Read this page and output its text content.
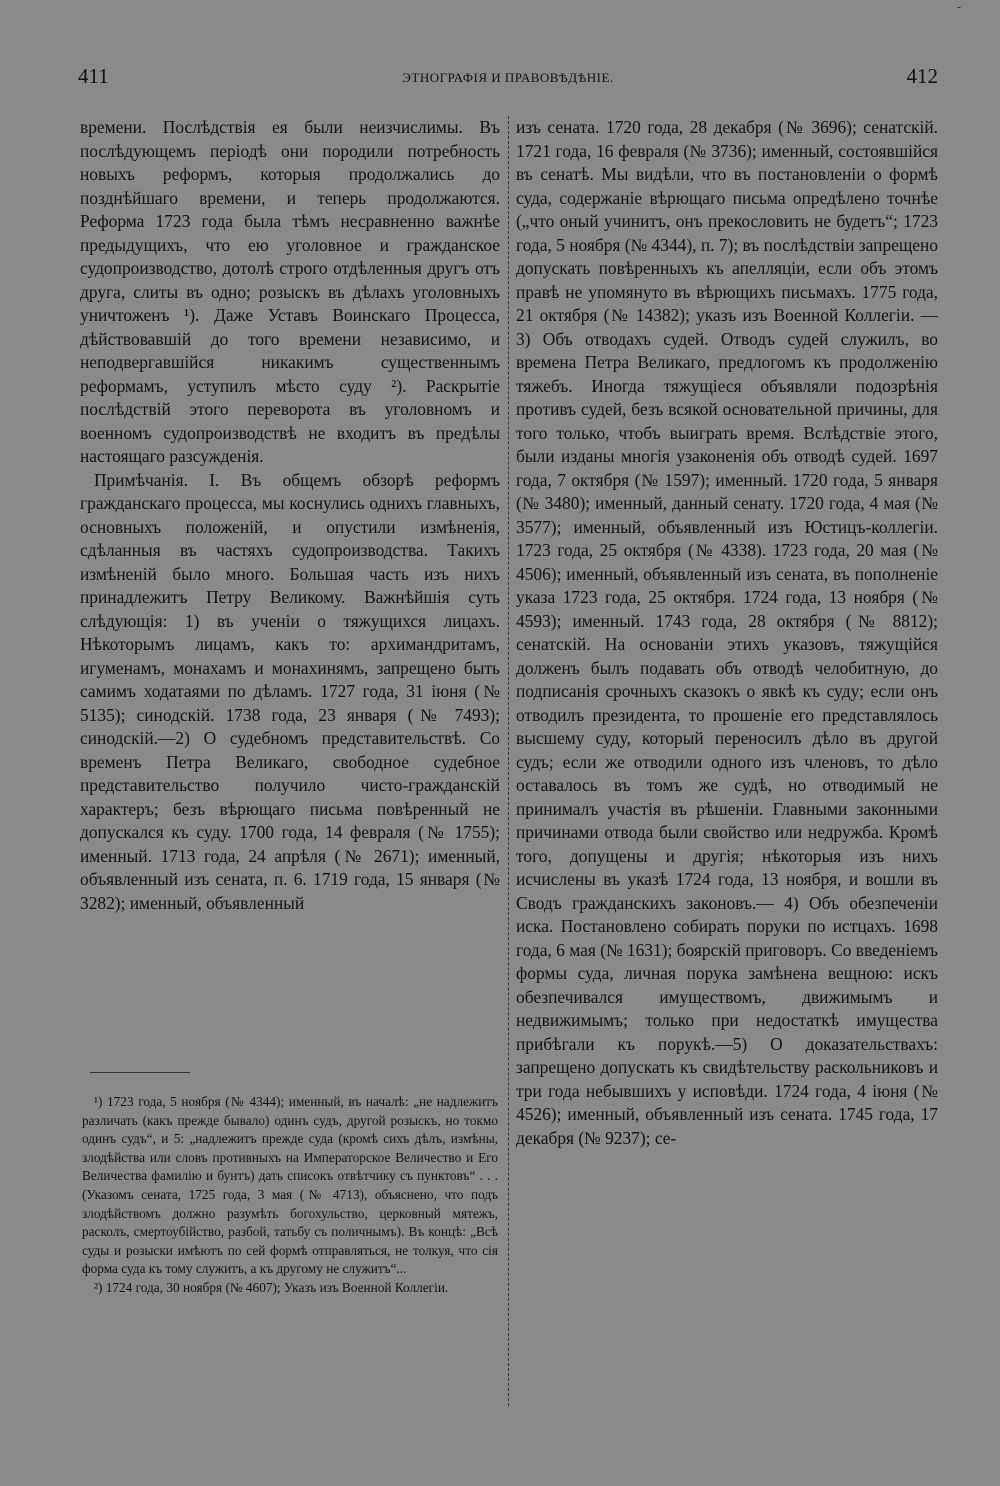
-
411	ЭТНОГРАФІЯ И ПРАВОВѢДѢНІЕ.	412

времени. Послѣдствія ея были неизчислимы. Въ послѣдующемъ періодѣ они породили потребность новыхъ реформъ, которыя продолжались до позднѣйшаго времени, и теперь продолжаются. Реформа 1723 года была тѣмъ несравненно важнѣе предыдущихъ, что ею уголовное и гражданское судопроизводство, дотолѣ строго отдѣленныя другъ отъ друга, слиты въ одно; розыскъ въ дѣлахъ уголовныхъ уничтоженъ ¹). Даже Уставъ Воинскаго Процесса, дѣйствовавшій до того времени независимо, и неподвергавшійся никакимъ существеннымъ реформамъ, уступилъ мѣсто суду ²). Раскрытіе послѣдствій этого переворота въ уголовномъ и военномъ судопроизводствѣ не входитъ въ предѣлы настоящаго разсужденія.

Примѣчанія. I. Въ общемъ обзорѣ реформъ гражданскаго процесса, мы коснулись однихъ главныхъ, основныхъ положеній, и опустили измѣненія, сдѣланныя въ частяхъ судопроизводства. Такихъ измѣненій было много. Большая часть изъ нихъ принадлежитъ Петру Великому. Важнѣйшія суть слѣдующія: 1) въ ученіи о тяжущихся лицахъ. Нѣкоторымъ лицамъ, какъ то: архимандритамъ, игуменамъ, монахамъ и монахинямъ, запрещено быть самимъ ходатаями по дѣламъ. 1727 года, 31 іюня (№ 5135); синодскій. 1738 года, 23 января (№ 7493); синодскій.—2) О судебномъ представительствѣ. Со временъ Петра Великаго, свободное судебное представительство получило чисто-гражданскій характеръ; безъ вѣрющаго письма повѣренный не допускался къ суду. 1700 года, 14 февраля (№ 1755); именный. 1713 года, 24 апрѣля (№ 2671); именный, объявленный изъ сената, п. 6. 1719 года, 15 января (№ 3282); именный, объявленный

¹) 1723 года, 5 ноября (№ 4344); именный, въ началѣ: „не надлежитъ различать (какъ прежде бывало) одинъ судъ, другой розыскъ, но токмо одинъ судъ“, и 5: „надлежитъ прежде суда (кромѣ сихъ дѣлъ, измѣны, злодѣйства или словъ противныхъ на Императорское Величество и Его Величества фамилію и бунтъ) дать списокъ отвѣтчику съ пунктовъ“ . . . (Указомъ сената, 1725 года, 3 мая (№ 4713), объяснено, что подъ злодѣйствомъ должно разумѣть богохульство, церковный мятежъ, расколъ, смертоубійство, разбой, татьбу съ поличнымъ). Въ концѣ: „Всѣ суды и розыски имѣютъ по сей формѣ отправляться, не толкуя, что сія форма суда къ тому служитъ, а къ другому не служитъ“...

²) 1724 года, 30 ноября (№ 4607); Указъ изъ Военной Коллегіи.

изъ сената. 1720 года, 28 декабря (№ 3696); сенатскій. 1721 года, 16 февраля (№ 3736); именный, состоявшійся въ сенатѣ. Мы видѣли, что въ постановленіи о формѣ суда, содержаніе вѣрющаго письма опредѣлено точнѣе („что оный учинитъ, онъ прекословить не будетъ“; 1723 года, 5 ноября (№ 4344), п. 7); въ послѣдствіи запрещено допускать повѣренныхъ къ апелляціи, если объ этомъ правѣ не упомянуто въ вѣрющихъ письмахъ. 1775 года, 21 октября (№ 14382); указъ изъ Военной Коллегіи. — 3) Объ отводахъ судей. Отводъ судей служилъ, во времена Петра Великаго, предлогомъ къ продолженію тяжебъ. Иногда тяжущіеся объявляли подозрѣнія противъ судей, безъ всякой основательной причины, для того только, чтобъ выиграть время. Вслѣдствіе этого, были изданы многія узаконенія объ отводѣ судей. 1697 года, 7 октября (№ 1597); именный. 1720 года, 5 января (№ 3480); именный, данный сенату. 1720 года, 4 мая (№ 3577); именный, объявленный изъ Юстицъ-коллегіи. 1723 года, 25 октября (№ 4338). 1723 года, 20 мая (№ 4506); именный, объявленный изъ сената, въ пополненіе указа 1723 года, 25 октября. 1724 года, 13 ноября (№ 4593); именный. 1743 года, 28 октября (№ 8812); сенатскій. На основаніи этихъ указовъ, тяжущійся долженъ былъ подавать объ отводѣ челобитную, до подписанія срочныхъ сказокъ о явкѣ къ суду; если онъ отводилъ президента, то прошеніе его представлялось высшему суду, который переносилъ дѣло въ другой судъ; если же отводили одного изъ членовъ, то дѣло оставалось въ томъ же судѣ, но отводимый не принималъ участія въ рѣшеніи. Главными законными причинами отвода были свойство или недружба. Кромѣ того, допущены и другія; нѣкоторыя изъ нихъ исчислены въ указѣ 1724 года, 13 ноября, и вошли въ Сводъ гражданскихъ законовъ.— 4) Объ обезпеченіи иска. Постановлено собирать поруки по истцахъ. 1698 года, 6 мая (№ 1631); боярскій приговоръ. Со введеніемъ формы суда, личная порука замѣнена вещною: искъ обезпечивался имуществомъ, движимымъ и недвижимымъ; только при недостаткѣ имущества прибѣгали къ порукѣ.—5) О доказательствахъ: запрещено допускать къ свидѣтельству раскольниковъ и три года небывшихъ у исповѣди. 1724 года, 4 іюня (№ 4526); именный, объявленный изъ сената. 1745 года, 17 декабря (№ 9237); се-
